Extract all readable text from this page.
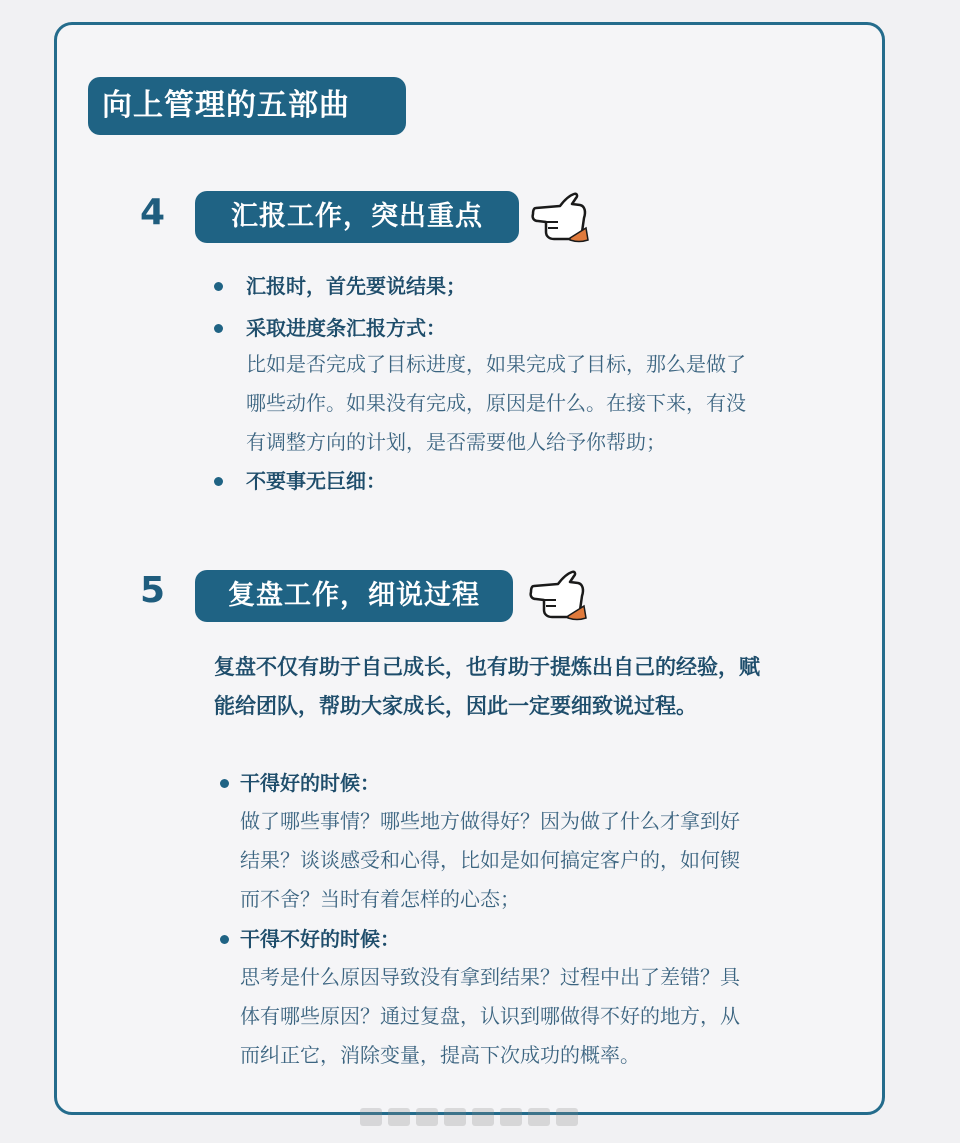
向上管理的五部曲
4	汇报工作，突出重点
汇报时，首先要说结果；
采取进度条汇报方式：

比如是否完成了目标进度，如果完成了目标，那么是做了

哪些动作。如果没有完成，原因是什么。在接下来，有没

有调整方向的计划，是否需要他人给予你帮助；

不要事无巨细：
5	复盘工作，细说过程

复盘不仅有助于自己成长，也有助于提炼出自己的经验，赋

能给团队，帮助大家成长，因此一定要细致说过程。

干得好的时候：

做了哪些事情？哪些地方做得好？因为做了什么才拿到好

结果？谈谈感受和心得，比如是如何搞定客户的，如何锲

而不舍？当时有着怎样的心态；

干得不好的时候：

思考是什么原因导致没有拿到结果？过程中出了差错？具

体有哪些原因？通过复盘，认识到哪做得不好的地方，从

而纠正它，消除变量，提高下次成功的概率。
